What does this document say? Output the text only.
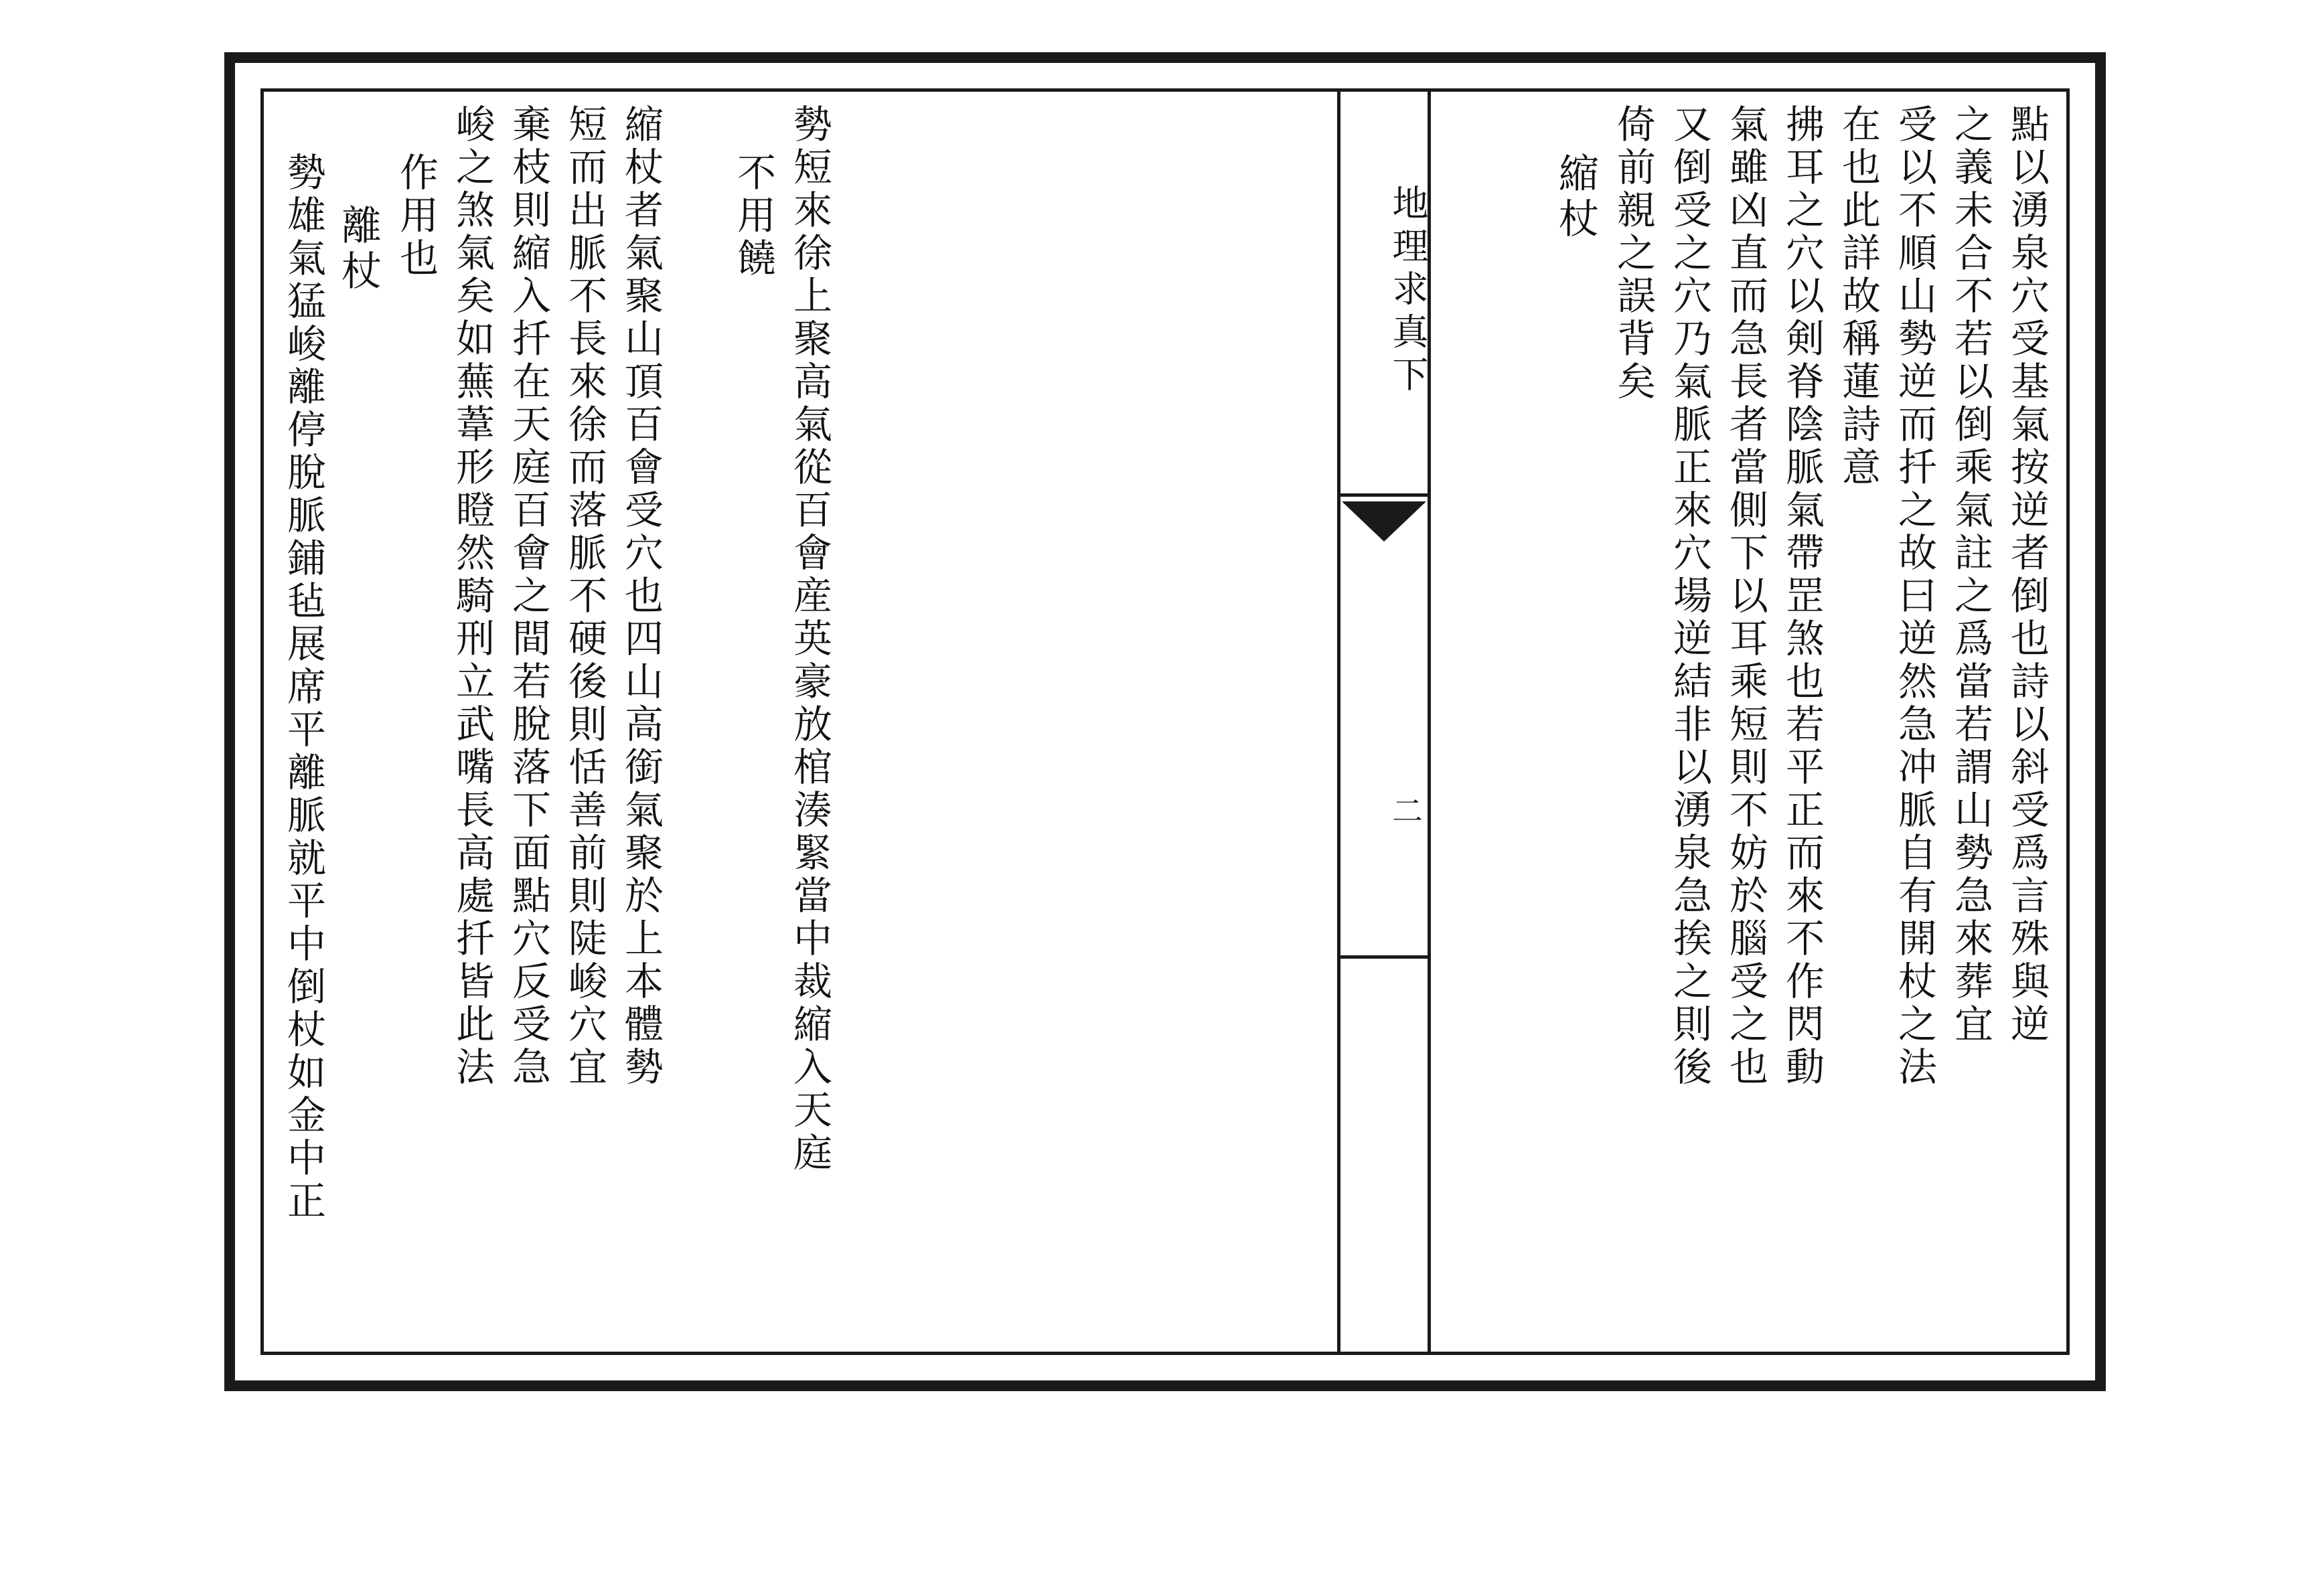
點以湧泉穴受基氣按逆者倒也詩以斜受爲言殊與逆
之義未合不若以倒乘氣註之爲當若謂山勢急來葬宜
受以不順山勢逆而扦之故曰逆然急冲脈自有開杖之法
在也此詳故稱蓮詩意
拂耳之穴以剣脊陰脈氣帶罡煞也若平正而來不作閃動
氣雖凶直而急長者當側下以耳乘短則不妨於腦受之也
又倒受之穴乃氣脈正來穴場逆結非以湧泉急挨之則後
倚前親之誤背矣
縮杖
地理求真下
二
勢短來徐上聚高氣從百會産英豪放棺湊緊當中裁縮入天庭
不用饒
縮杖者氣聚山頂百會受穴也四山高銜氣聚於上本體勢
短而出脈不長來徐而落脈不硬後則恬善前則陡峻穴宜
棄枝則縮入扦在天庭百會之間若脫落下面點穴反受急
峻之煞氣矣如蕪葦形瞪然騎刑立武嘴長高處扦皆此法
作用也
離杖
勢雄氣猛峻離停脫脈鋪毡展席平離脈就平中倒杖如金中正
